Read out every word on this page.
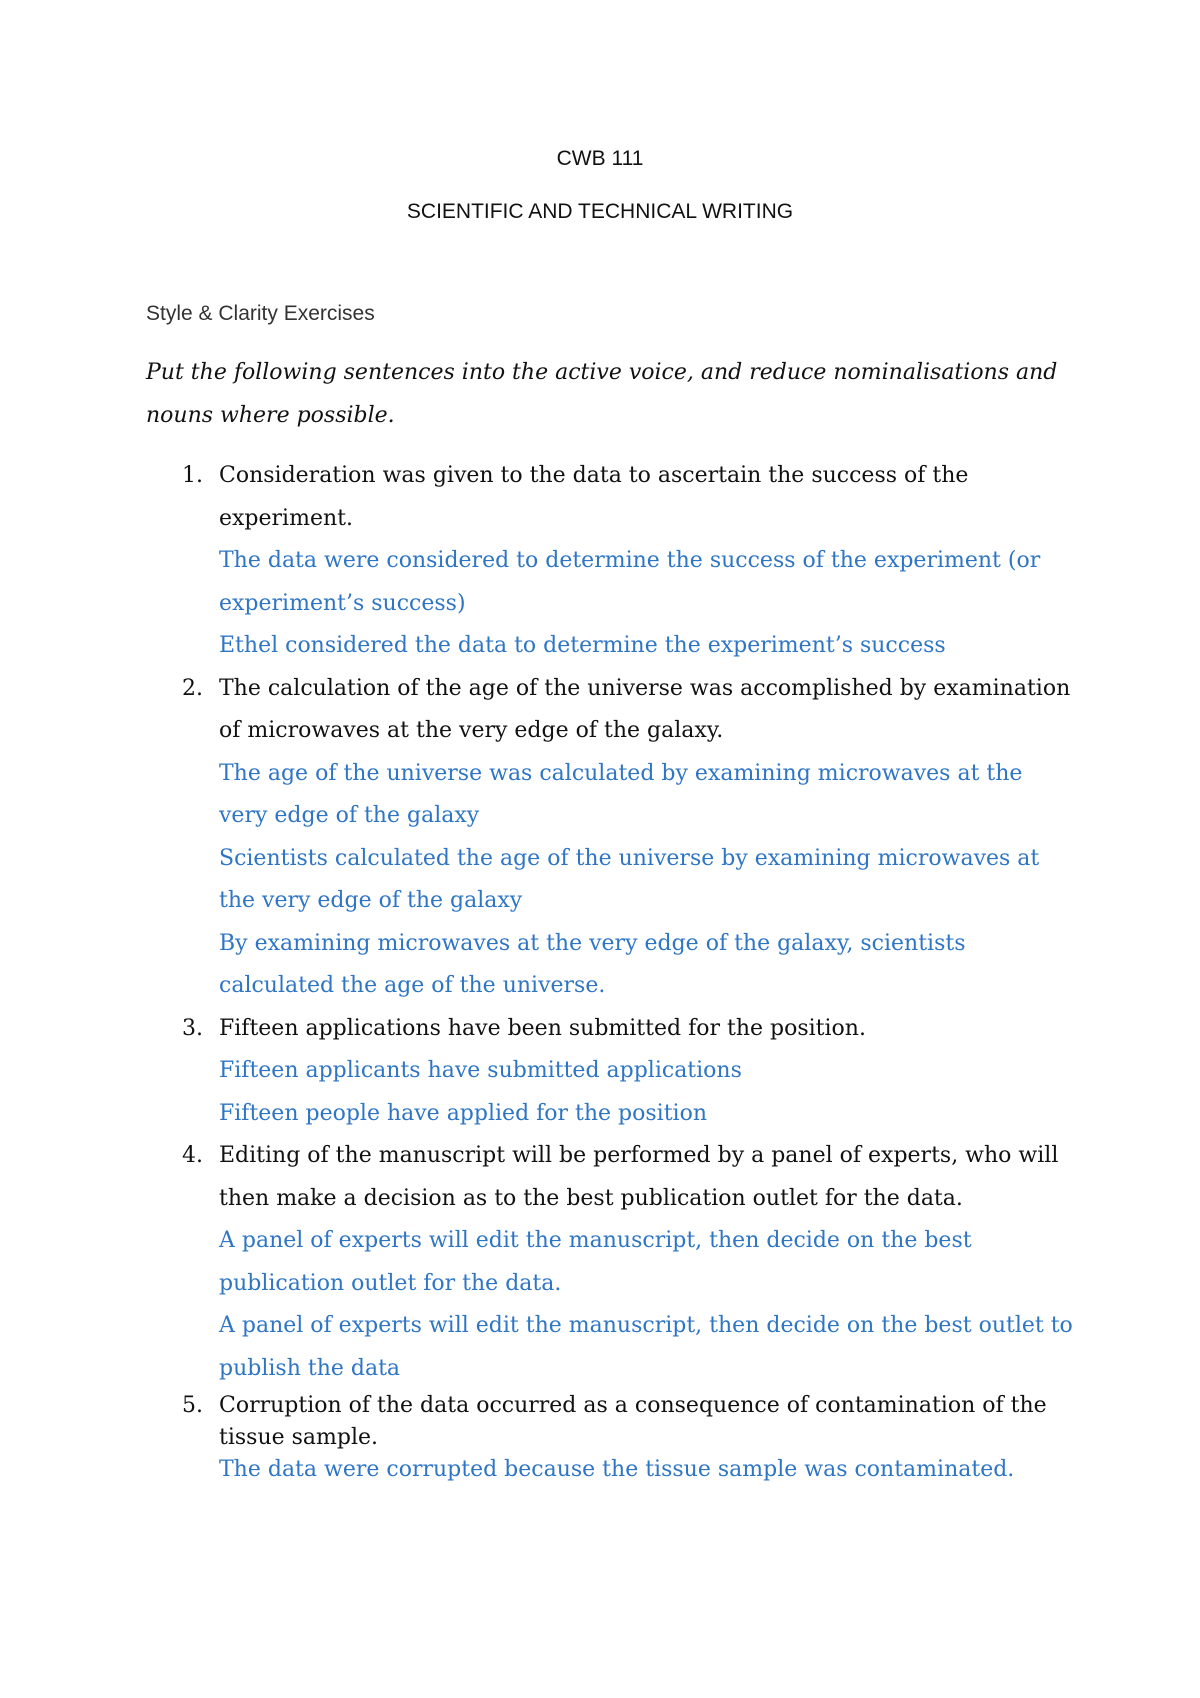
CWB 111
SCIENTIFIC AND TECHNICAL WRITING
Style & Clarity Exercises
Put the following sentences into the active voice, and reduce nominalisations and nouns where possible.
1. Consideration was given to the data to ascertain the success of the experiment.
The data were considered to determine the success of the experiment (or experiment’s success)
Ethel considered the data to determine the experiment’s success
2. The calculation of the age of the universe was accomplished by examination of microwaves at the very edge of the galaxy.
The age of the universe was calculated by examining microwaves at the very edge of the galaxy
Scientists calculated the age of the universe by examining microwaves at the very edge of the galaxy
By examining microwaves at the very edge of the galaxy, scientists calculated the age of the universe.
3. Fifteen applications have been submitted for the position.
Fifteen applicants have submitted applications
Fifteen people have applied for the position
4. Editing of the manuscript will be performed by a panel of experts, who will then make a decision as to the best publication outlet for the data.
A panel of experts will edit the manuscript, then decide on the best publication outlet for the data.
A panel of experts will edit the manuscript, then decide on the best outlet to publish the data
5. Corruption of the data occurred as a consequence of contamination of the tissue sample.
The data were corrupted because the tissue sample was contaminated.
